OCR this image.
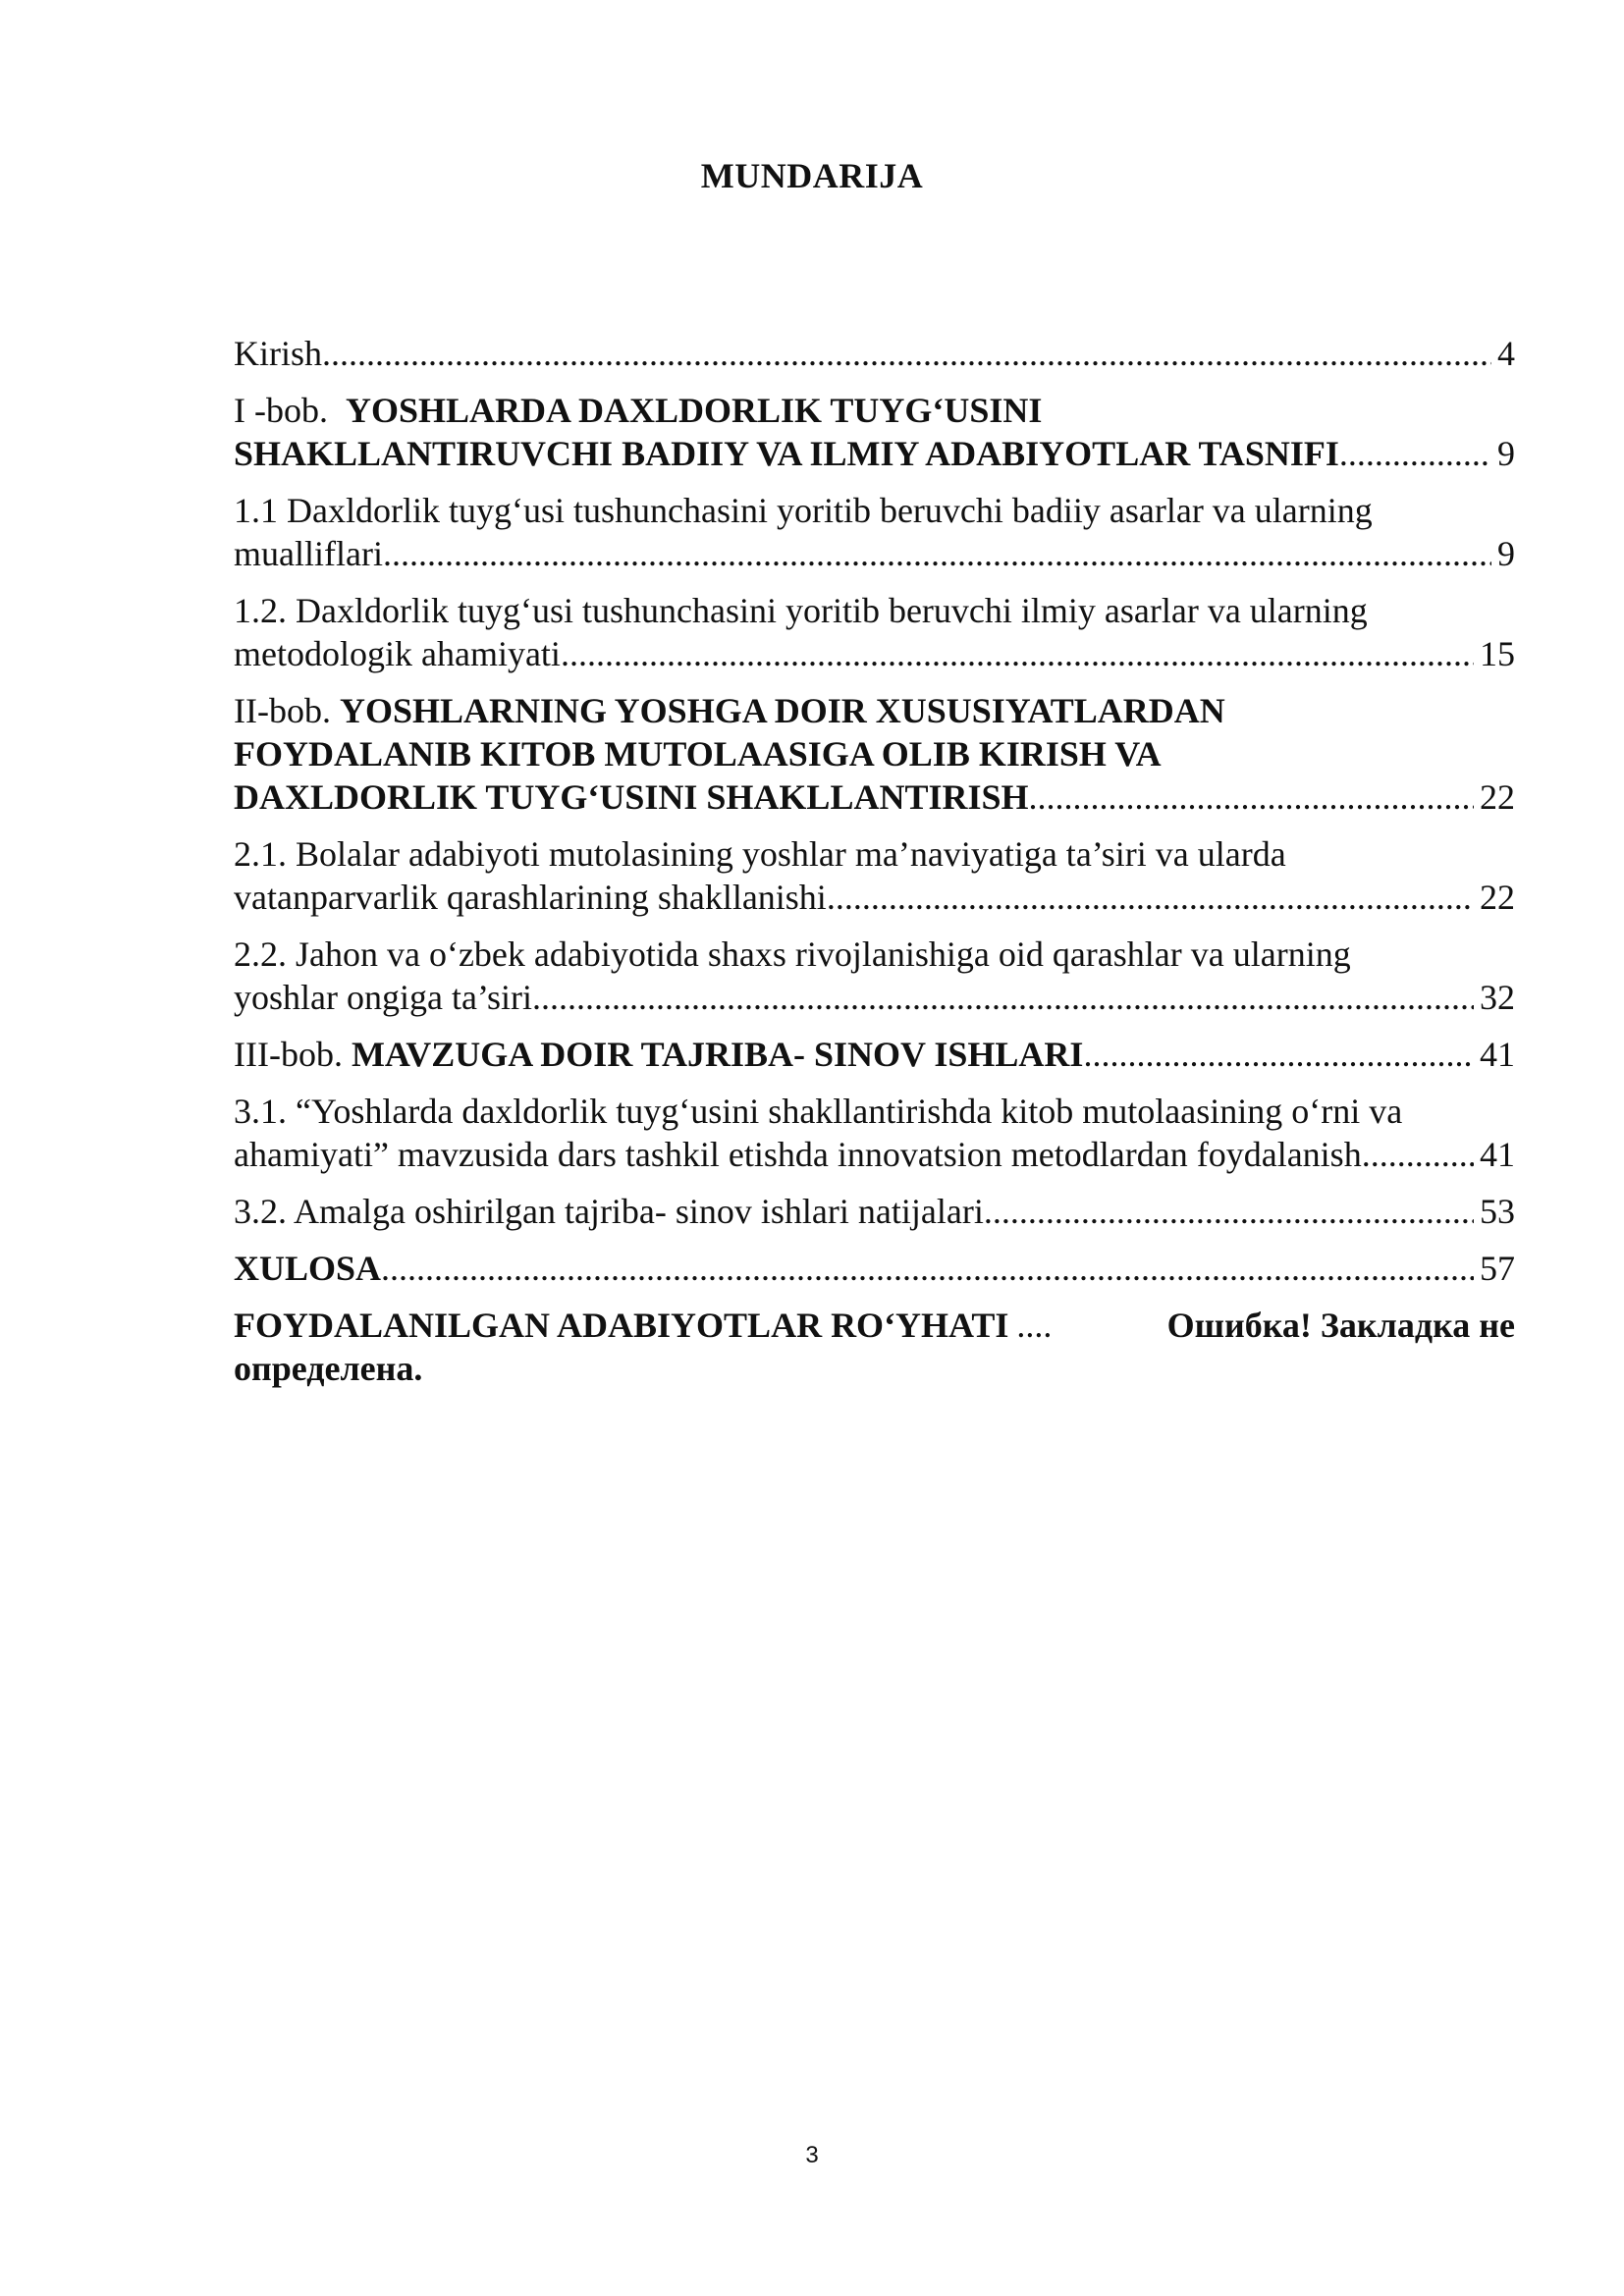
MUNDARIJA
Kirish .....	4
I -bob. YOSHLARDA DAXLDORLIK TUYG‘USINI
SHAKLLANTIRUVCHI BADIIY VA ILMIY ADABIYOTLAR TASNIFI .....	9
1.1 Daxldorlik tuyg‘usi tushunchasini yoritib beruvchi badiiy asarlar va ularning
mualliflari .....	9
1.2. Daxldorlik tuyg‘usi tushunchasini yoritib beruvchi ilmiy asarlar va ularning
metodologik ahamiyati .....	15
II-bob. YOSHLARNING YOSHGA DOIR XUSUSIYATLARDAN
FOYDALANIB KITOB MUTOLAASIGA OLIB KIRISH VA
DAXLDORLIK TUYG‘USINI SHAKLLANTIRISH .....	22
2.1. Bolalar adabiyoti mutolasining yoshlar ma’naviyatiga ta’siri va ularda
vatanparvarlik qarashlarining shakllanishi .....	22
2.2. Jahon va o‘zbek adabiyotida shaxs rivojlanishiga oid qarashlar va ularning
yoshlar ongiga ta’siri .....	32
III-bob. MAVZUGA DOIR TAJRIBA- SINOV ISHLARI .....	41
3.1. “Yoshlarda daxldorlik tuyg‘usini shakllantirishda kitob mutolaasining o‘rni va
ahamiyati” mavzusida dars tashkil etishda innovatsion metodlardan foydalanish .....	41
3.2. Amalga oshirilgan tajriba- sinov ishlari natijalari .....	53
XULOSA .....	57
FOYDALANILGAN ADABIYOTLAR RO‘YHATI ....	Ошибка! Закладка не
определена.
3
